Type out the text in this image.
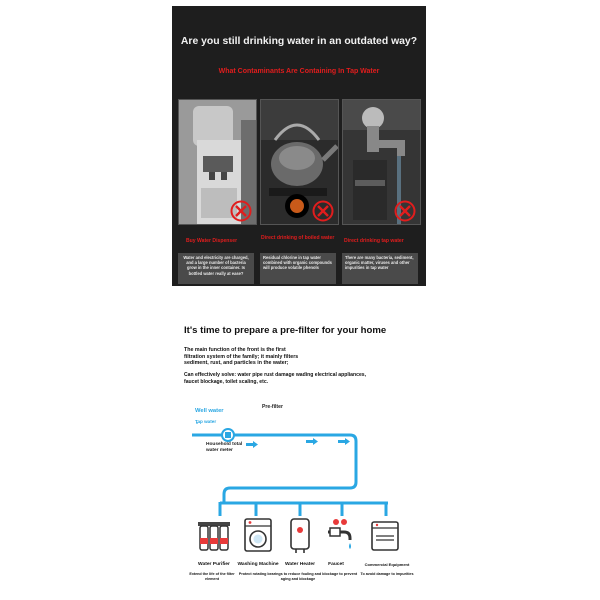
Are you still drinking water in an outdated way?
What Contaminants Are Containing In Tap Water
Buy Water Dispenser	Direct drinking of boiled water	Direct drinking tap water
Water and electricity are charged, and a large number of bacteria grow in the inner container. Is bottled water really at ease?
Residual chlorine in tap water combined with organic compounds will produce volatile phenols
There are many bacteria, sediment, organic matter, viruses and other impurities in tap water
It's time to prepare a pre-filter for your home
The main function of the front is the first
filtration system of the family; it mainly filters
sediment, rust, and particles in the water;
Can effectively solve: water pipe rust damage wading electrical appliances,
faucet blockage, toilet scaling, etc.
Well water
Tap water
Pre-filter
Household total
water meter
Water Purifier	Washing Machine	Water Heater	Faucet	Commercial Equipment
Extend the life of the filter element
Protect rotating bearings to reduce fouling and blockage to prevent aging and blockage
To avoid damage to impurities
